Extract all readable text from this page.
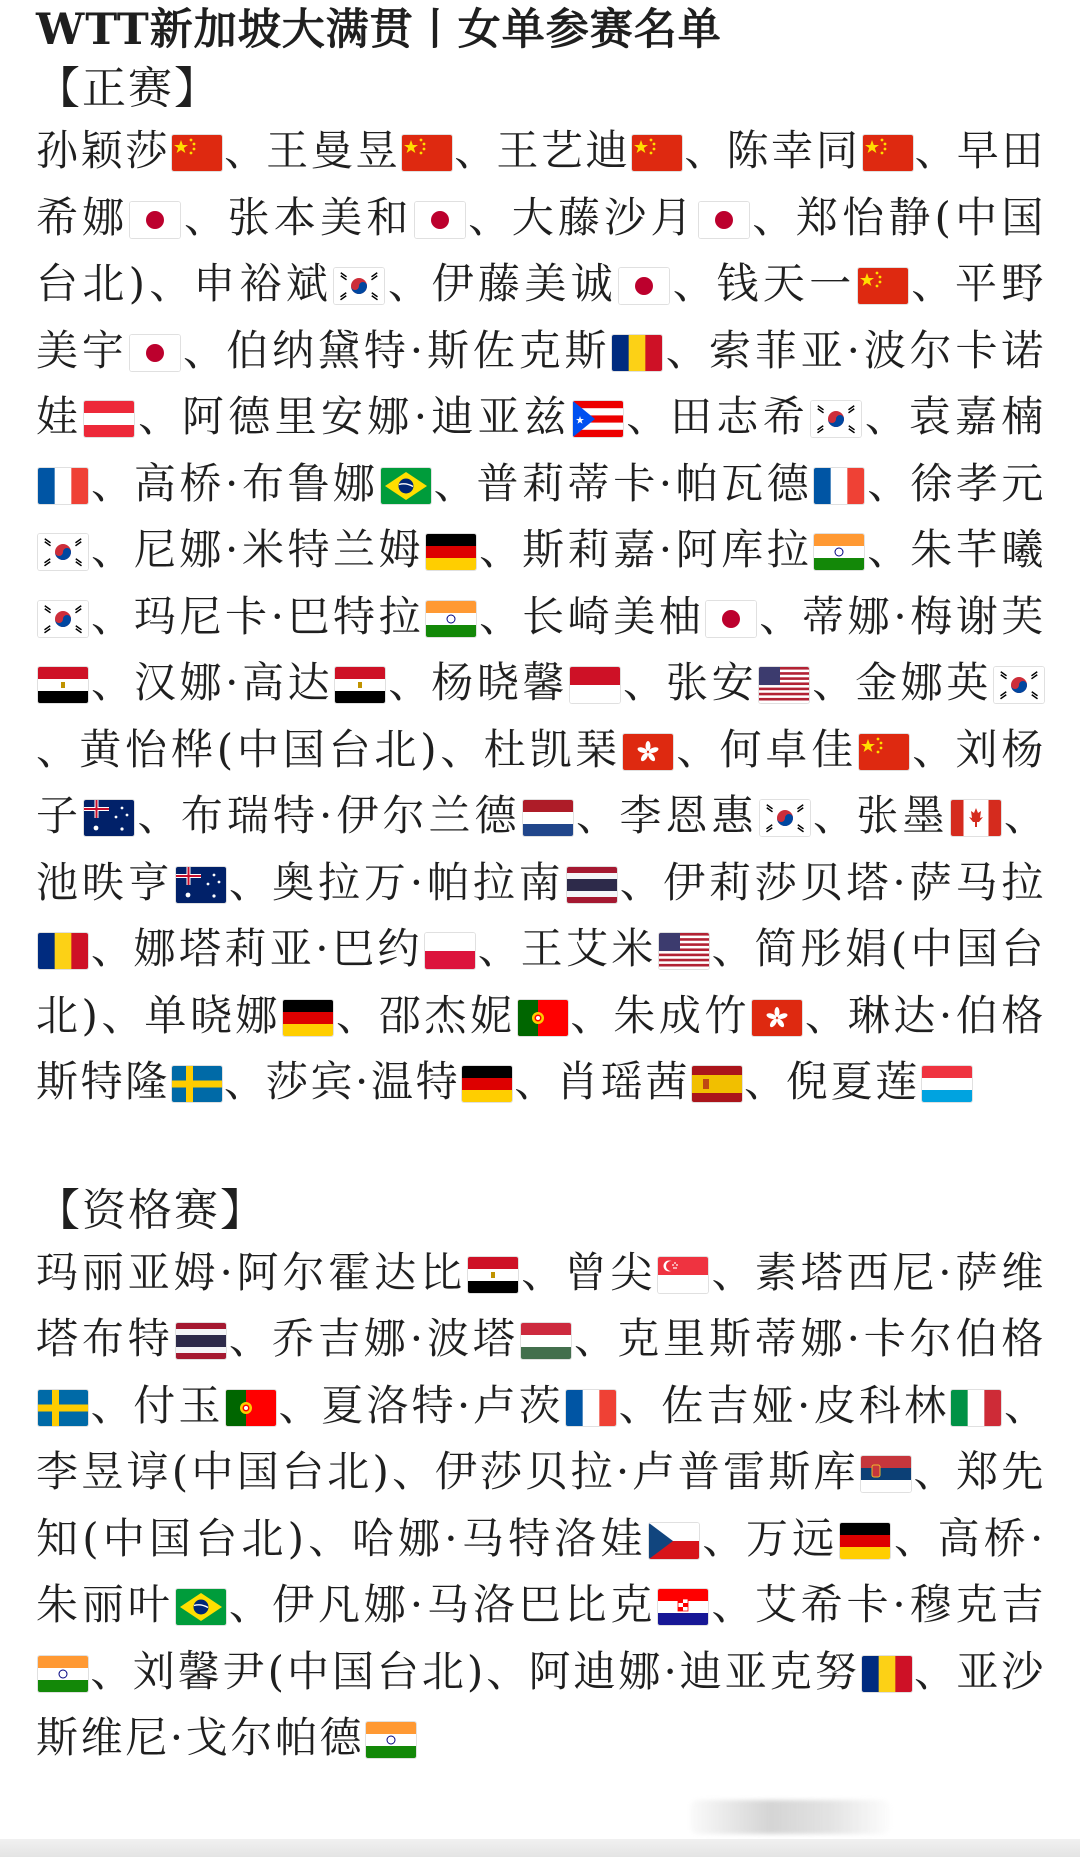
WTT新加坡大满贯丨女单参赛名单
【正赛】
孙颖莎 、王曼昱 、王艺迪 、陈幸同 、早田希娜 、张本美和 、大藤沙月 、郑怡静(中国台北)、申裕斌 、伊藤美诚 、钱天一 、平野美宇 、伯纳黛特·斯佐克斯 、索菲亚·波尔卡诺娃 、阿德里安娜·迪亚兹 、田志希 、袁嘉楠
、高桥·布鲁娜 、普莉蒂卡·帕瓦德 、徐孝元
、尼娜·米特兰姆 、斯莉嘉·阿库拉 、朱芊曦
、玛尼卡·巴特拉 、长崎美柚 、蒂娜·梅谢芙
、汉娜·高达 、杨晓馨 、张安 、金娜英
、黄怡桦(中国台北)、杜凯琹 、何卓佳 、刘杨子 、布瑞特·伊尔兰德 、李恩惠 、张墨 、池昳亨 、奥拉万·帕拉南 、伊莉莎贝塔·萨马拉
、娜塔莉亚·巴约 、王艾米 、简彤娟(中国台北)、单晓娜 、邵杰妮 、朱成竹 、琳达·伯格斯特隆 、莎宾·温特 、肖瑶茜 、倪夏莲
【资格赛】
玛丽亚姆·阿尔霍达比 、曾尖 、素塔西尼·萨维塔布特 、乔吉娜·波塔 、克里斯蒂娜·卡尔伯格
、付玉 、夏洛特·卢茨 、佐吉娅·皮科林 、李昱谆(中国台北)、伊莎贝拉·卢普雷斯库 、郑先知(中国台北)、哈娜·马特洛娃 、万远 、高桥·朱丽叶 、伊凡娜·马洛巴比克 、艾希卡·穆克吉
、刘馨尹(中国台北)、阿迪娜·迪亚克努 、亚沙斯维尼·戈尔帕德
